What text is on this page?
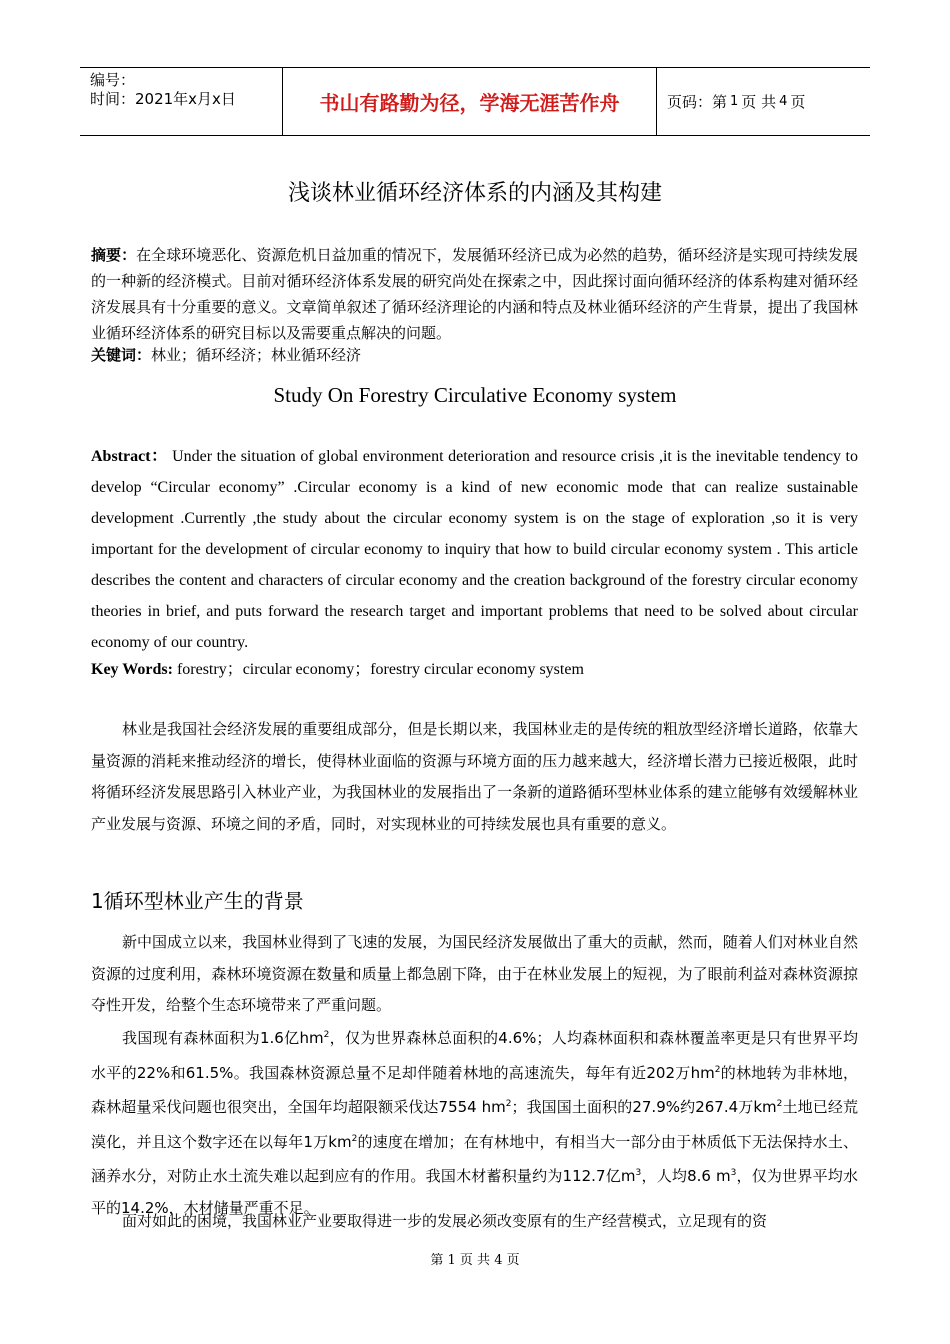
编号：
时间：2021年x月x日	书山有路勤为径，学海无涯苦作舟	页码：第 1 页 共 4 页
浅谈林业循环经济体系的内涵及其构建
摘要：在全球环境恶化、资源危机日益加重的情况下，发展循环经济已成为必然的趋势，循环经济是实现可持续发展的一种新的经济模式。目前对循环经济体系发展的研究尚处在探索之中，因此探讨面向循环经济的体系构建对循环经济发展具有十分重要的意义。文章简单叙述了循环经济理论的内涵和特点及林业循环经济的产生背景，提出了我国林业循环经济体系的研究目标以及需要重点解决的问题。
关键词：林业；循环经济；林业循环经济
Study On Forestry Circulative Economy system
Abstract： Under the situation of global environment deterioration and resource crisis ,it is the inevitable tendency to develop “Circular economy” .Circular economy is a kind of new economic mode that can realize sustainable development .Currently ,the study about the circular economy system is on the stage of exploration ,so it is very important for the development of circular economy to inquiry that how to build circular economy system . This article describes the content and characters of circular economy and the creation background of the forestry circular economy theories in brief, and puts forward the research target and important problems that need to be solved about circular economy of our country.
Key Words: forestry；circular economy；forestry circular economy system
林业是我国社会经济发展的重要组成部分，但是长期以来，我国林业走的是传统的粗放型经济增长道路，依靠大量资源的消耗来推动经济的增长，使得林业面临的资源与环境方面的压力越来越大，经济增长潜力已接近极限，此时将循环经济发展思路引入林业产业，为我国林业的发展指出了一条新的道路循环型林业体系的建立能够有效缓解林业产业发展与资源、环境之间的矛盾，同时，对实现林业的可持续发展也具有重要的意义。
1循环型林业产生的背景
新中国成立以来，我国林业得到了飞速的发展，为国民经济发展做出了重大的贡献，然而，随着人们对林业自然资源的过度利用，森林环境资源在数量和质量上都急剧下降，由于在林业发展上的短视，为了眼前利益对森林资源掠夺性开发，给整个生态环境带来了严重问题。
我国现有森林面积为1.6亿$hm^2$，仅为世界森林总面积的4.6%；人均森林面积和森林覆盖率更是只有世界平均水平的22%和61.5%。我国森林资源总量不足却伴随着林地的高速流失，每年有近202万$hm^2$的林地转为非林地，森林超量采伐问题也很突出，全国年均超限额采伐达7554 $hm^2$；我国国土面积的27.9%约267.4万$km^2$土地已经荒漠化，并且这个数字还在以每年1万$km^2$的速度在增加；在有林地中，有相当大一部分由于林质低下无法保持水土、涵养水分，对防止水土流失难以起到应有的作用。我国木材蓄积量约为112.7亿$m^3$，人均8.6 $m^3$，仅为世界平均水平的14.2%，木材储量严重不足。
面对如此的困境，我国林业产业要取得进一步的发展必须改变原有的生产经营模式，立足现有的资
第 1 页 共 4 页
